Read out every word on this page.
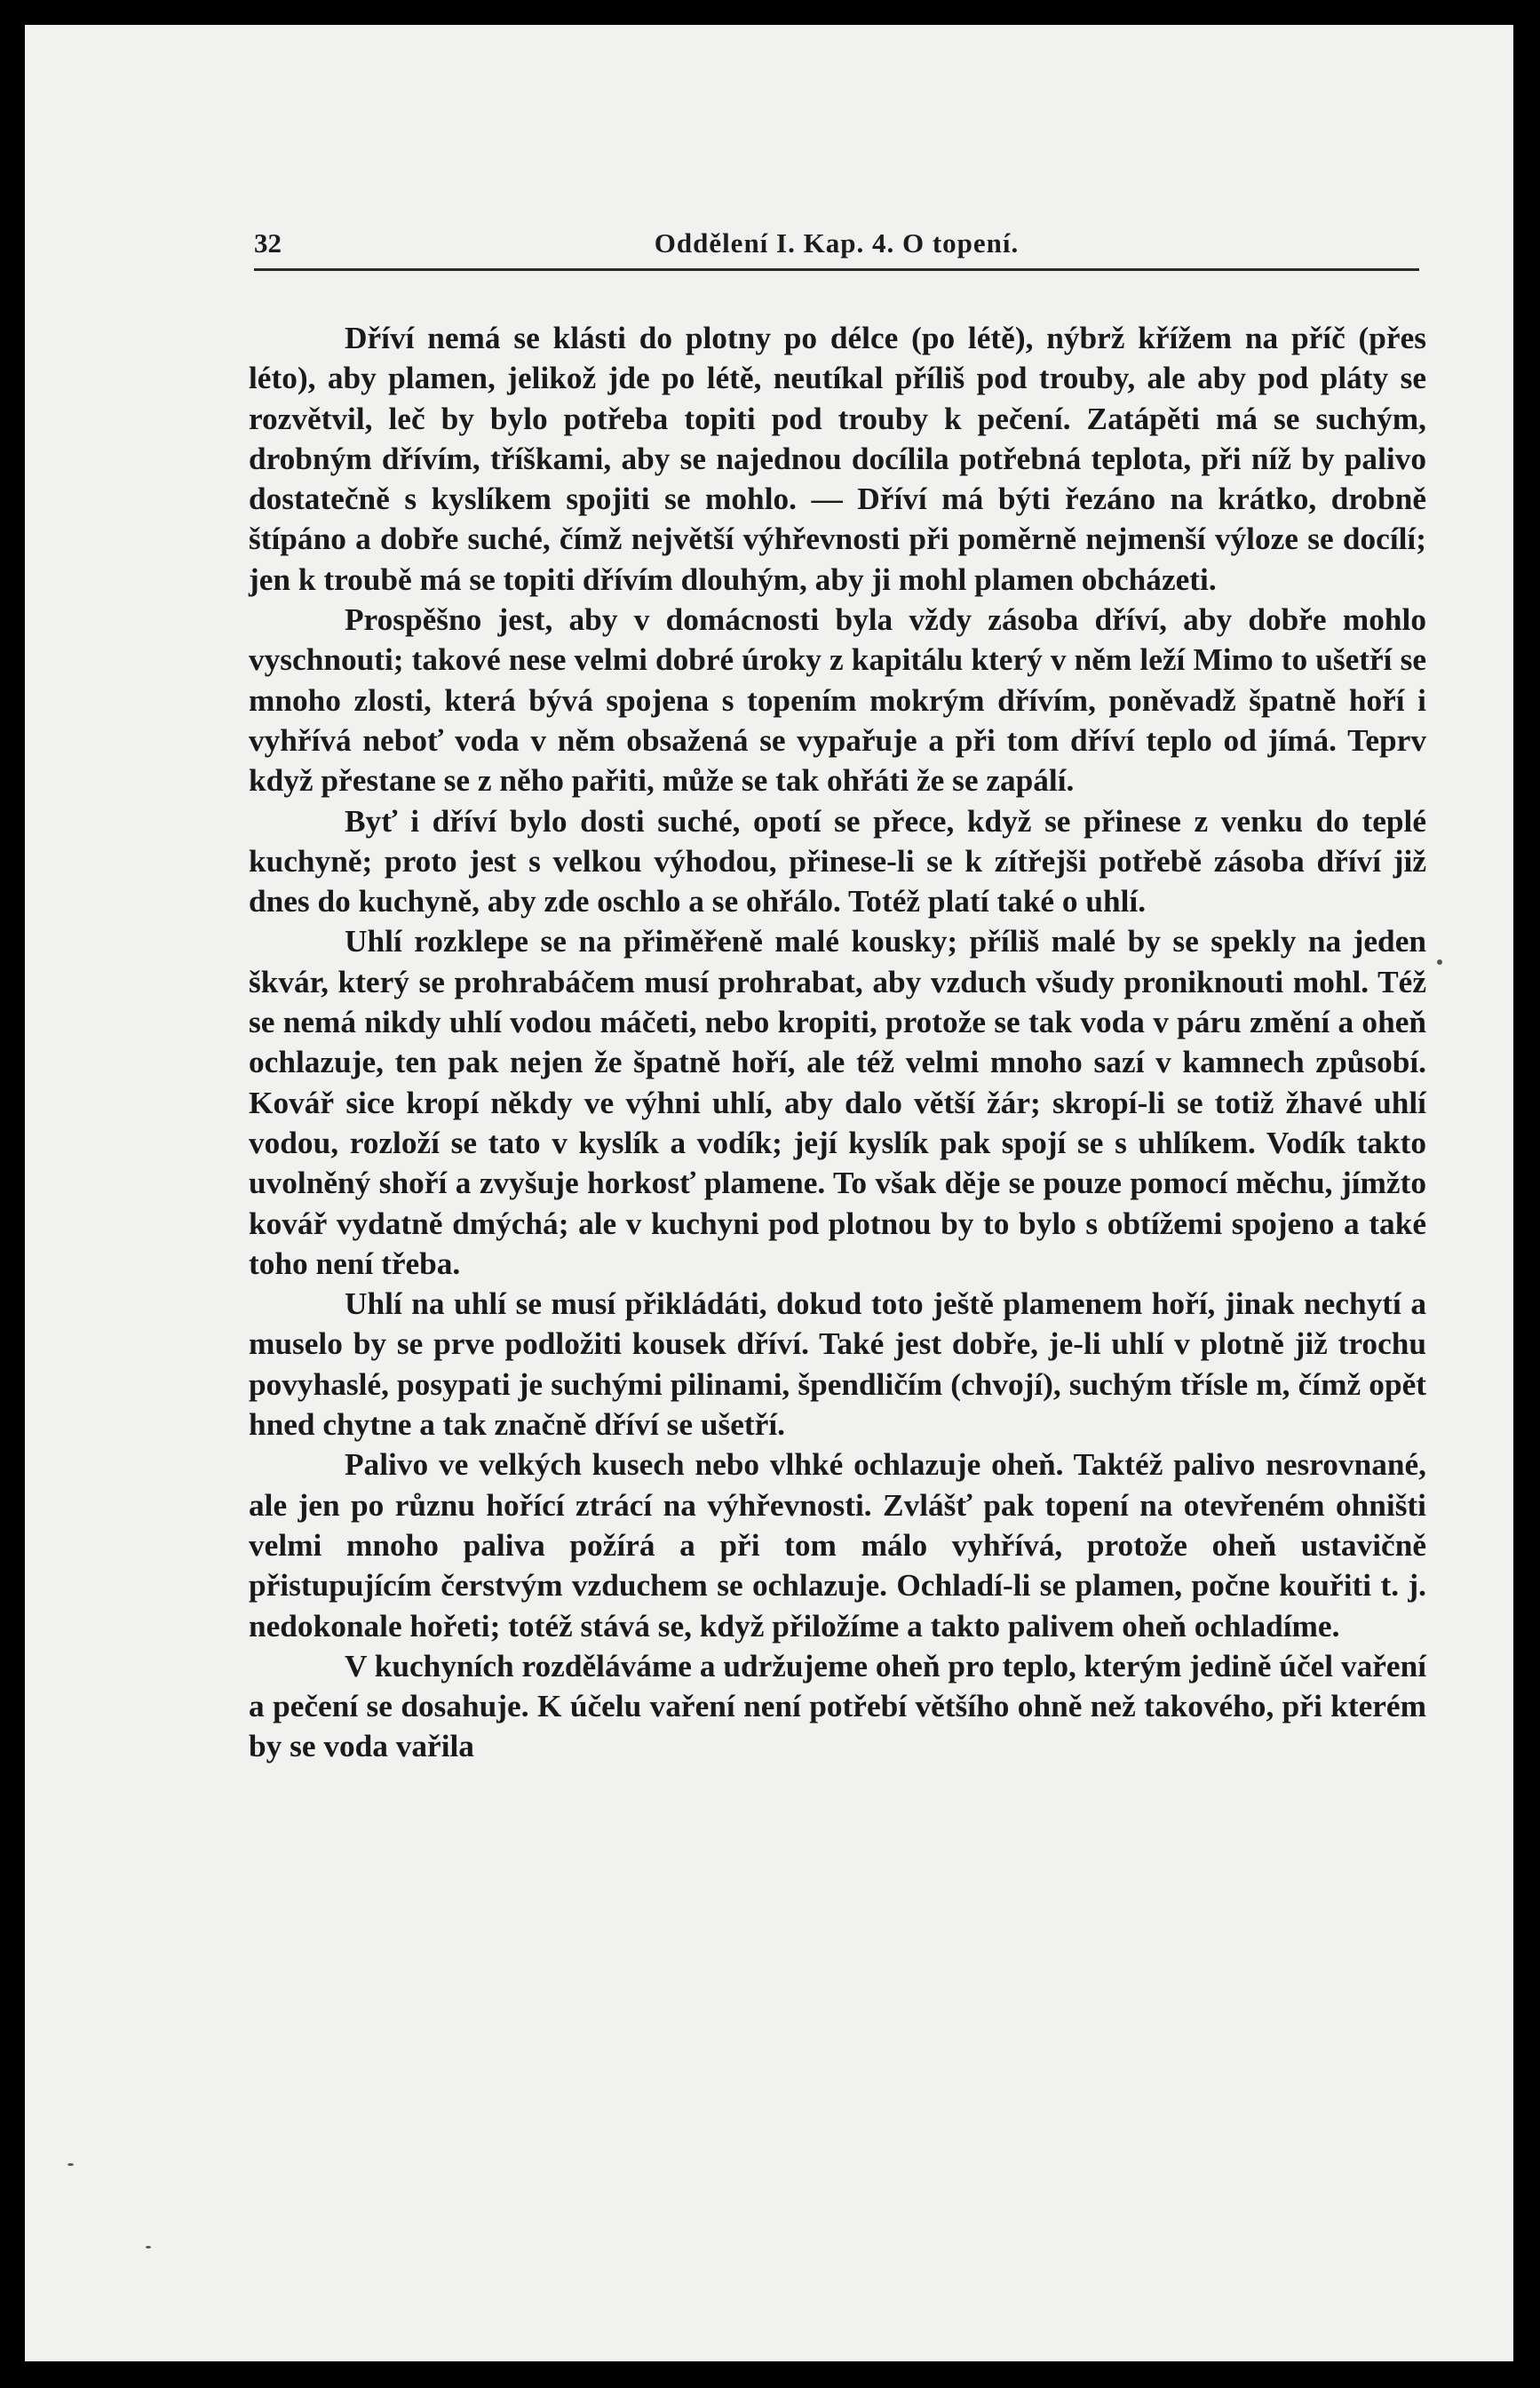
32	Oddělení I. Kap. 4. O topení.

Dříví nemá se klásti do plotny po délce (po létě), nýbrž křížem na příč (přes léto), aby plamen, jelikož jde po létě, neutíkal příliš pod trouby, ale aby pod pláty se rozvětvil, leč by bylo potřeba topiti pod trouby k pečení. Zatápěti má se suchým, drobným dřívím, tříškami, aby se najednou docílila potřebná teplota, při níž by palivo dostatečně s kyslíkem spojiti se mohlo. — Dříví má býti řezáno na krátko, drobně štípáno a dobře suché, čímž největší výhřevnosti při poměrně nejmenší výloze se docílí; jen k troubě má se topiti dřívím dlouhým, aby ji mohl plamen obcházeti.

Prospěšno jest, aby v domácnosti byla vždy zásoba dříví, aby dobře mohlo vyschnouti; takové nese velmi dobré úroky z kapitálu který v něm leží Mimo to ušetří se mnoho zlosti, která bývá spojena s topením mokrým dřívím, poněvadž špatně hoří i vyhřívá neboť voda v něm obsažená se vypařuje a při tom dříví teplo od jímá. Teprv když přestane se z něho pařiti, může se tak ohřáti že se zapálí.

Byť i dříví bylo dosti suché, opotí se přece, když se přinese z venku do teplé kuchyně; proto jest s velkou výhodou, přinese-li se k zítřejši potřebě zásoba dříví již dnes do kuchyně, aby zde oschlo a se ohřálo. Totéž platí také o uhlí.

Uhlí rozklepe se na přiměřeně malé kousky; příliš malé by se spekly na jeden škvár, který se prohrabáčem musí prohrabat, aby vzduch všudy proniknouti mohl. Též se nemá nikdy uhlí vodou máčeti, nebo kropiti, protože se tak voda v páru změní a oheň ochlazuje, ten pak nejen že špatně hoří, ale též velmi mnoho sazí v kamnech způsobí. Kovář sice kropí někdy ve výhni uhlí, aby dalo větší žár; skropí-li se totiž žhavé uhlí vodou, rozloží se tato v kyslík a vodík; její kyslík pak spojí se s uhlíkem. Vodík takto uvolněný shoří a zvyšuje horkosť plamene. To však děje se pouze pomocí měchu, jímžto kovář vydatně dmýchá; ale v kuchyni pod plotnou by to bylo s obtížemi spojeno a také toho není třeba.

Uhlí na uhlí se musí přikládáti, dokud toto ještě plamenem hoří, jinak nechytí a muselo by se prve podložiti kousek dříví. Také jest dobře, je-li uhlí v plotně již trochu povyhaslé, posypati je suchými pilinami, špendličím (chvojí), suchým třísle m, čímž opět hned chytne a tak značně dříví se ušetří.

Palivo ve velkých kusech nebo vlhké ochlazuje oheň. Taktéž palivo nesrovnané, ale jen po různu hořící ztrácí na výhřevnosti. Zvlášť pak topení na otevřeném ohništi velmi mnoho paliva požírá a při tom málo vyhřívá, protože oheň ustavičně přistupujícím čerstvým vzduchem se ochlazuje. Ochladí-li se plamen, počne kouřiti t. j. nedokonale hořeti; totéž stává se, když přiložíme a takto palivem oheň ochladíme.

V kuchyních rozděláváme a udržujeme oheň pro teplo, kterým jedině účel vaření a pečení se dosahuje. K účelu vaření není potřebí většího ohně než takového, při kterém by se voda vařila
